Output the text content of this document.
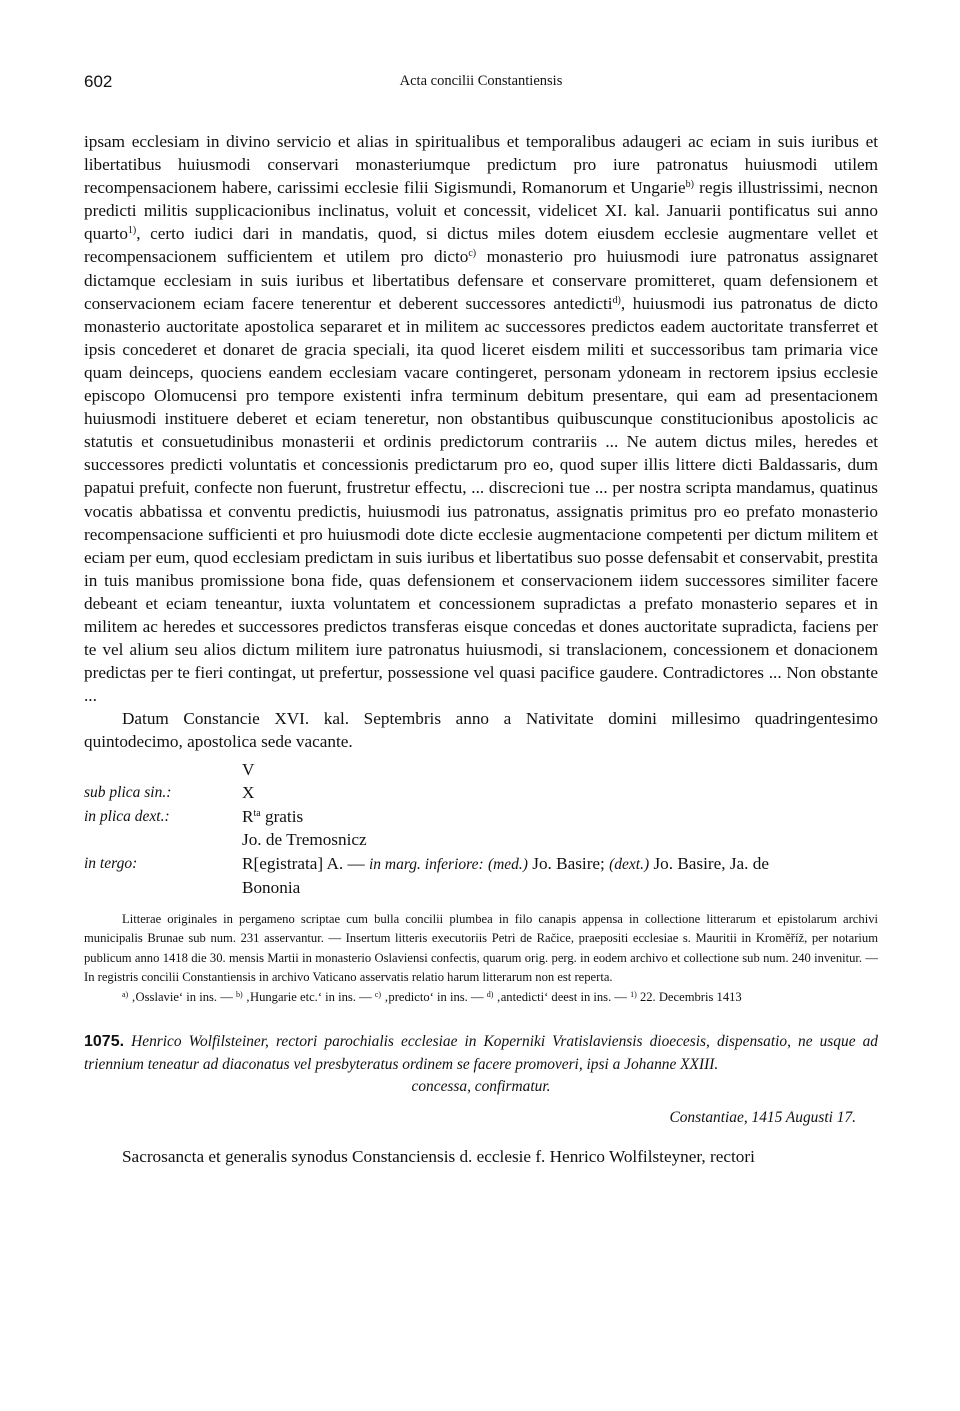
602	Acta concilii Constantiensis

ipsam ecclesiam in divino servicio et alias in spiritualibus et temporalibus adaugeri ac eciam in suis iuribus et libertatibus huiusmodi conservari monasteriumque predictum pro iure patronatus huiusmodi utilem recompensacionem habere, carissimi ecclesie filii Sigismundi, Romanorum et Ungarie$^{b)}$ regis illustrissimi, necnon predicti militis supplicacionibus inclinatus, voluit et concessit, videlicet XI. kal. Januarii pontificatus sui anno quarto$^{1)}$, certo iudici dari in mandatis, quod, si dictus miles dotem eiusdem ecclesie augmentare vellet et recompensacionem sufficientem et utilem pro dicto$^{c)}$ monasterio pro huiusmodi iure patronatus assignaret dictamque ecclesiam in suis iuribus et libertatibus defensare et conservare promitteret, quam defensionem et conservacionem eciam facere tenerentur et deberent successores antedicti$^{d)}$, huiusmodi ius patronatus de dicto monasterio auctoritate apostolica separaret et in militem ac successores predictos eadem auctoritate transferret et ipsis concederet et donaret de gracia speciali, ita quod liceret eisdem militi et successoribus tam primaria vice quam deinceps, quociens eandem ecclesiam vacare contingeret, personam ydoneam in rectorem ipsius ecclesie episcopo Olomucensi pro tempore existenti infra terminum debitum presentare, qui eam ad presentacionem huiusmodi instituere deberet et eciam teneretur, non obstantibus quibuscunque constitucionibus apostolicis ac statutis et consuetudinibus monasterii et ordinis predictorum contrariis ... Ne autem dictus miles, heredes et successores predicti voluntatis et concessionis predictarum pro eo, quod super illis littere dicti Baldassaris, dum papatui prefuit, confecte non fuerunt, frustretur effectu, ... discrecioni tue ... per nostra scripta mandamus, quatinus vocatis abbatissa et conventu predictis, huiusmodi ius patronatus, assignatis primitus pro eo prefato monasterio recompensacione sufficienti et pro huiusmodi dote dicte ecclesie augmentacione competenti per dictum militem et eciam per eum, quod ecclesiam predictam in suis iuribus et libertatibus suo posse defensabit et conservabit, prestita in tuis manibus promissione bona fide, quas defensionem et conservacionem iidem successores similiter facere debeant et eciam teneantur, iuxta voluntatem et concessionem supradictas a prefato monasterio separes et in militem ac heredes et successores predictos transferas eisque concedas et dones auctoritate supradicta, faciens per te vel alium seu alios dictum militem iure patronatus huiusmodi, si translacionem, concessionem et donacionem predictas per te fieri contingat, ut prefertur, possessione vel quasi pacifice gaudere. Contradictores ... Non obstante ...

Datum Constancie XVI. kal. Septembris anno a Nativitate domini millesimo quadringentesimo quintodecimo, apostolica sede vacante.

V
sub plica sin.:	X
in plica dext.:	$R^{ta}$ gratis
Jo. de Tremosnicz
in tergo:	R[egistrata] A. — in marg. inferiore: (med.) Jo. Basire; (dext.) Jo. Basire, Ja. de
Bononia

Litterae originales in pergameno scriptae cum bulla concilii plumbea in filo canapis appensa in collectione litterarum et epistolarum archivi municipalis Brunae sub num. 231 asservantur. — Insertum litteris executoriis Petri de Račice, praepositi ecclesiae s. Mauritii in Kroměříž, per notarium publicum anno 1418 die 30. mensis Martii in monasterio Oslaviensi confectis, quarum orig. perg. in eodem archivo et collectione sub num. 240 invenitur. — In registris concilii Constantiensis in archivo Vaticano asservatis relatio harum litterarum non est reperta.

$^{a)}$ ‚Osslavie‘ in ins. — $^{b)}$ ‚Hungarie etc.‘ in ins. — $^{c)}$ ‚predicto‘ in ins. — $^{d)}$ ‚antedicti‘ deest in ins. — $^{1)}$ 22. Decembris 1413

1075. Henrico Wolfilsteiner, rectori parochialis ecclesiae in Koperniki Vratislaviensis dioecesis, dispensatio, ne usque ad triennium teneatur ad diaconatus vel presbyteratus ordinem se facere promoveri, ipsi a Johanne XXIII.
concessa, confirmatur.
Constantiae, 1415 Augusti 17.
Sacrosancta et generalis synodus Constanciensis d. ecclesie f. Henrico Wolfilsteyner, rectori
